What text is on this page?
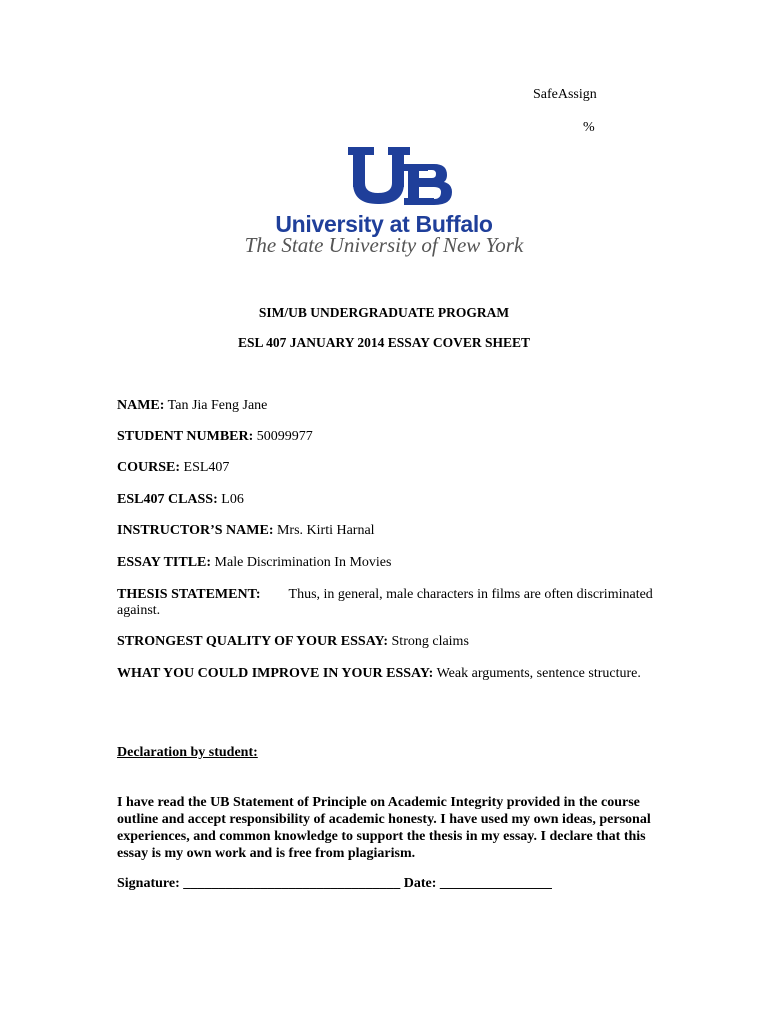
SafeAssign
%
University at Buffalo
The State University of New York
SIM/UB UNDERGRADUATE PROGRAM
ESL 407 JANUARY 2014 ESSAY COVER SHEET
NAME: Tan Jia Feng Jane
STUDENT NUMBER: 50099977
COURSE: ESL407
ESL407 CLASS: L06
INSTRUCTOR’S NAME: Mrs. Kirti Harnal
ESSAY TITLE: Male Discrimination In Movies
THESIS STATEMENT: Thus, in general, male characters in films are often discriminated against.
STRONGEST QUALITY OF YOUR ESSAY: Strong claims
WHAT YOU COULD IMPROVE IN YOUR ESSAY: Weak arguments, sentence structure.
Declaration by student:
I have read the UB Statement of Principle on Academic Integrity provided in the course outline and accept responsibility of academic honesty. I have used my own ideas, personal experiences, and common knowledge to support the thesis in my essay. I declare that this essay is my own work and is free from plagiarism.
Signature: _______________________________ Date: ________________
